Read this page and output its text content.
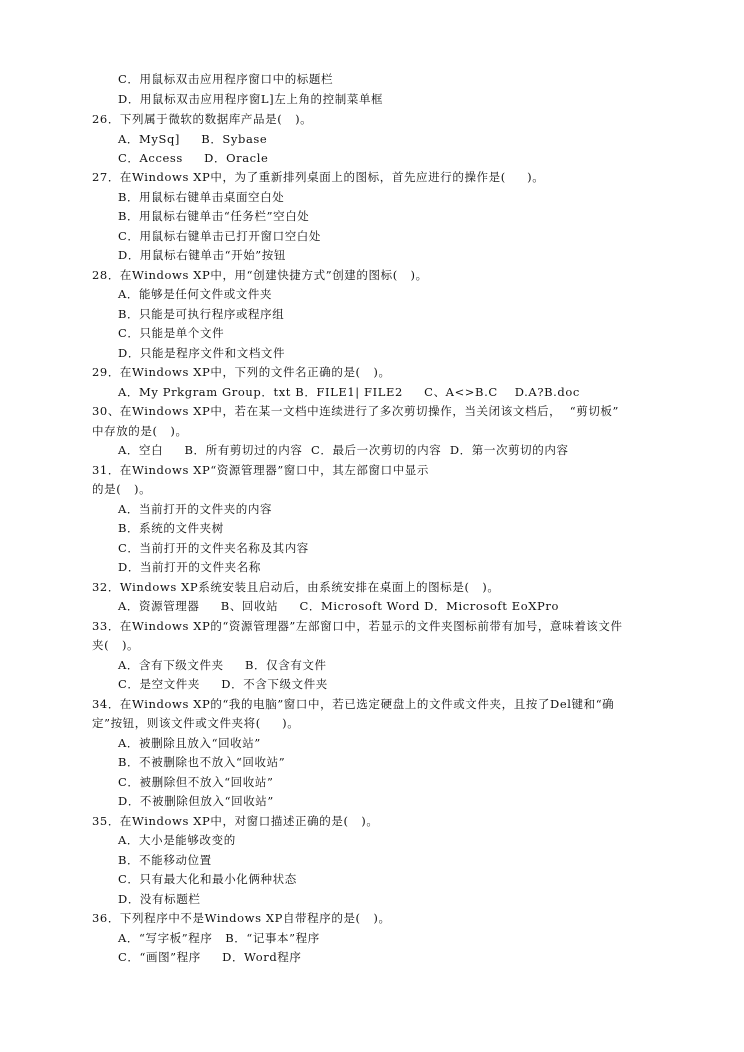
C．用鼠标双击应用程序窗口中的标题栏
D．用鼠标双击应用程序窗L]左上角的控制菜单框
26．下列属于微软的数据库产品是(   )。
A．MySq]     B．Sybase
C．Access     D．Oracle
27．在Windows XP中，为了重新排列桌面上的图标，首先应进行的操作是(     )。
B．用鼠标右键单击桌面空白处
B．用鼠标右键单击“任务栏”空白处
C．用鼠标右键单击已打开窗口空白处
D．用鼠标右键单击“开始”按钮
28．在Windows XP中，用“创建快捷方式”创建的图标(   )。
A．能够是任何文件或文件夹
B．只能是可执行程序或程序组
C．只能是单个文件
D．只能是程序文件和文档文件
29．在Windows XP中，下列的文件名正确的是(   )。
A．My Prkgram Group．txt B．FILE1| FILE2     C、A<>B.C    D.A?B.doc
30、在Windows XP中，若在某一文档中连续进行了多次剪切操作，当关闭该文档后，  “剪切板”
中存放的是(   )。
A．空白     B．所有剪切过的内容  C．最后一次剪切的内容  D．第一次剪切的内容
31．在Windows XP“资源管理器”窗口中，其左部窗口中显示
的是(   )。
A．当前打开的文件夹的内容
B．系统的文件夹树
C．当前打开的文件夹名称及其内容
D．当前打开的文件夹名称
32．Windows XP系统安装且启动后，由系统安排在桌面上的图标是(   )。
A．资源管理器     B、回收站     C．Microsoft Word D．Microsoft EoXPro
33．在Windows XP的“资源管理器”左部窗口中，若显示的文件夹图标前带有加号，意味着该文件
夹(   )。
A．含有下级文件夹     B．仅含有文件
C．是空文件夹     D．不含下级文件夹
34．在Windows XP的“我的电脑”窗口中，若已选定硬盘上的文件或文件夹，且按了Del键和“确
定”按钮，则该文件或文件夹将(     )。
A．被删除且放入“回收站”
B．不被删除也不放入“回收站”
C．被删除但不放入“回收站”
D．不被删除但放入“回收站”
35．在Windows XP中，对窗口描述正确的是(   )。
A．大小是能够改变的
B．不能移动位置
C．只有最大化和最小化俩种状态
D．没有标题栏
36．下列程序中不是Windows XP自带程序的是(   )。
A．“写字板”程序   B．“记事本”程序
C．“画图”程序     D．Word程序
